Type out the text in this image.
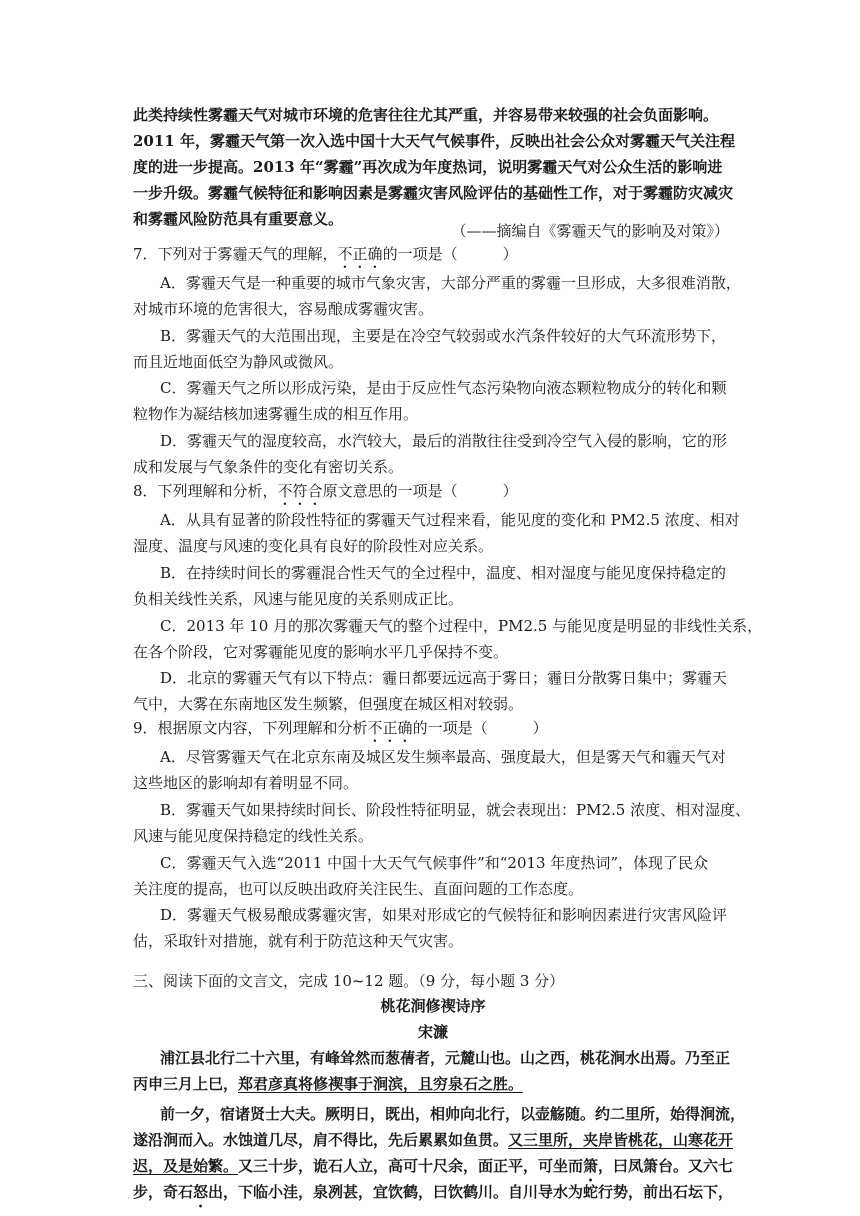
此类持续性雾霾天气对城市环境的危害往往尤其严重，并容易带来较强的社会负面影响。
2011 年，雾霾天气第一次入选中国十大天气气候事件，反映出社会公众对雾霾天气关注程
度的进一步提高。2013 年“雾霾”再次成为年度热词，说明雾霾天气对公众生活的影响进
一步升级。雾霾气候特征和影响因素是雾霾灾害风险评估的基础性工作，对于雾霾防灾减灾
和雾霾风险防范具有重要意义。
（——摘编自《雾霾天气的影响及对策》）
7．下列对于雾霾天气的理解，不正确的一项是（　　　）
A．雾霾天气是一种重要的城市气象灾害，大部分严重的雾霾一旦形成，大多很难消散，
对城市环境的危害很大，容易酿成雾霾灾害。
B．雾霾天气的大范围出现，主要是在冷空气较弱或水汽条件较好的大气环流形势下，
而且近地面低空为静风或微风。
C．雾霾天气之所以形成污染，是由于反应性气态污染物向液态颗粒物成分的转化和颗
粒物作为凝结核加速雾霾生成的相互作用。
D．雾霾天气的湿度较高，水汽较大，最后的消散往往受到冷空气入侵的影响，它的形
成和发展与气象条件的变化有密切关系。
8．下列理解和分析，不符合原文意思的一项是（　　　）
A．从具有显著的阶段性特征的雾霾天气过程来看，能见度的变化和 PM2.5 浓度、相对
湿度、温度与风速的变化具有良好的阶段性对应关系。
B．在持续时间长的雾霾混合性天气的全过程中，温度、相对湿度与能见度保持稳定的
负相关线性关系，风速与能见度的关系则成正比。
C．2013 年 10 月的那次雾霾天气的整个过程中，PM2.5 与能见度是明显的非线性关系，
在各个阶段，它对雾霾能见度的影响水平几乎保持不变。
D．北京的雾霾天气有以下特点：霾日都要远远高于雾日；霾日分散雾日集中；雾霾天
气中，大雾在东南地区发生频繁，但强度在城区相对较弱。
9．根据原文内容，下列理解和分析不正确的一项是（　　　）
A．尽管雾霾天气在北京东南及城区发生频率最高、强度最大，但是雾天气和霾天气对
这些地区的影响却有着明显不同。
B．雾霾天气如果持续时间长、阶段性特征明显，就会表现出：PM2.5 浓度、相对湿度、
风速与能见度保持稳定的线性关系。
C．雾霾天气入选“2011 中国十大天气气候事件”和“2013 年度热词”，体现了民众
关注度的提高，也可以反映出政府关注民生、直面问题的工作态度。
D．雾霾天气极易酿成雾霾灾害，如果对形成它的气候特征和影响因素进行灾害风险评
估，采取针对措施，就有利于防范这种天气灾害。
三、阅读下面的文言文，完成 10~12 题。（9 分，每小题 3 分）
桃花涧修禊诗序
宋濂
浦江县北行二十六里，有峰耸然而葱蒨者，元麓山也。山之西，桃花涧水出焉。乃至正
丙申三月上巳，郑君彦真将修禊事于涧滨，且穷泉石之胜。
前一夕，宿诸贤士大夫。厥明日，既出，相帅向北行，以壶觞随。约二里所，始得涧流，
遂沿涧而入。水蚀道几尽，肩不得比，先后累累如鱼贯。又三里所，夹岸皆桃花，山寒花开
迟，及是始繁。又三十步，诡石人立，高可十尺余，面正平，可坐而箫，曰凤箫台。又六七
步，奇石怒出，下临小洼，泉冽甚，宜饮鹤，曰饮鹤川。自川导水为蛇行势，前出石坛下，
